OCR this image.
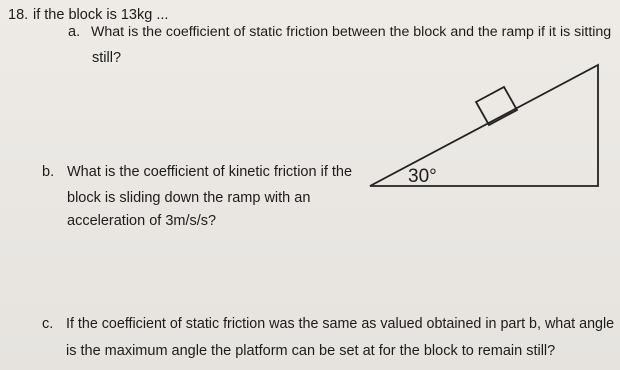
18. if the block is 13kg ...
a. What is the coefficient of static friction between the block and the ramp if it is sitting
still?
b. What is the coefficient of kinetic friction if the
block is sliding down the ramp with an
acceleration of 3m/s/s?
30°
c. If the coefficient of static friction was the same as valued obtained in part b, what angle
is the maximum angle the platform can be set at for the block to remain still?
